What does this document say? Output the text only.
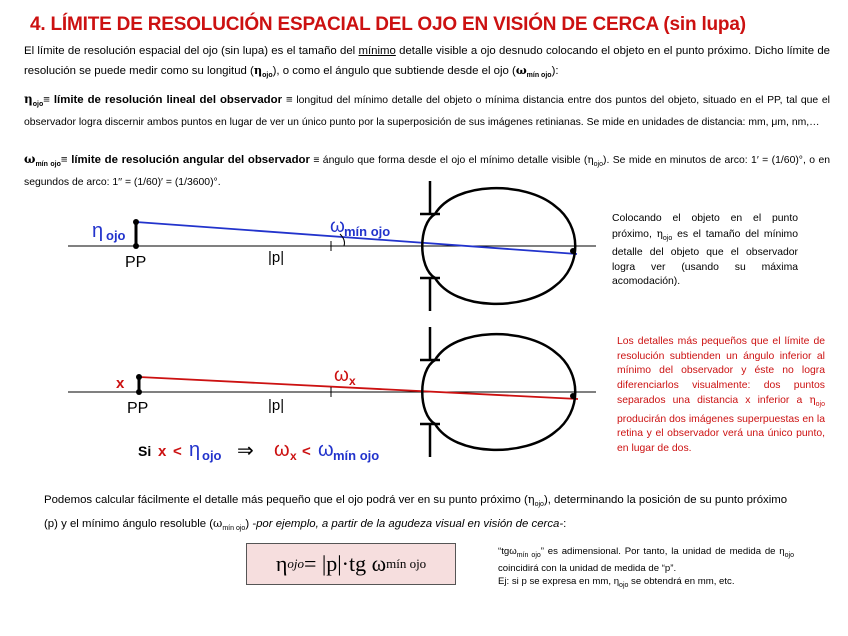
4. LÍMITE DE RESOLUCIÓN ESPACIAL DEL OJO EN VISIÓN DE CERCA (sin lupa)
El límite de resolución espacial del ojo (sin lupa) es el tamaño del mínimo detalle visible a ojo desnudo colocando el objeto en el punto próximo. Dicho límite de resolución se puede medir como su longitud $(\eta_{ojo})$, o como el ángulo que subtiende desde el ojo $(\omega_{mín ojo})$:
$\eta_{ojo}\equiv$ límite de resolución lineal del observador ≡ longitud del mínimo detalle del objeto o mínima distancia entre dos puntos del objeto, situado en el PP, tal que el observador logra discernir ambos puntos en lugar de ver un único punto por la superposición de sus imágenes retinianas. Se mide en unidades de distancia: mm, μm, nm,…
$\omega_{mín ojo}\equiv$ límite de resolución angular del observador ≡ ángulo que forma desde el ojo el mínimo detalle visible $(\eta_{ojo})$. Se mide en minutos de arco: 1′ = (1/60)°, o en segundos de arco: 1′′ = (1/60)′ = (1/3600)°.
η ojo
PP	|p|
ω mín ojo
x
PP	|p|
ω x
Si x < η ojo ⇒ ω x < ω mín ojo
Colocando el objeto en el punto próximo, $\eta_{ojo}$ es el tamaño del mínimo detalle del objeto que el observador logra ver (usando su máxima acomodación).
Los detalles más pequeños que el límite de resolución subtienden un ángulo inferior al mínimo del observador y éste no logra diferenciarlos visualmente: dos puntos separados una distancia x inferior a $\eta_{ojo}$ producirán dos imágenes superpuestas en la retina y el observador verá una único punto, en lugar de dos.
Podemos calcular fácilmente el detalle más pequeño que el ojo podrá ver en su punto próximo $(\eta_{ojo})$, determinando la posición de su punto próximo (p) y el mínimo ángulo resoluble $(\omega_{mín ojo})$ -por ejemplo, a partir de la agudeza visual en visión de cerca-:
η ojo = |p|·tg ω mín ojo
“tgω$_{mín ojo}$” es adimensional. Por tanto, la unidad de medida de $\eta_{ojo}$ coincidirá con la unidad de medida de “p”.
Ej: si p se expresa en mm, $\eta_{ojo}$ se obtendrá en mm, etc.
